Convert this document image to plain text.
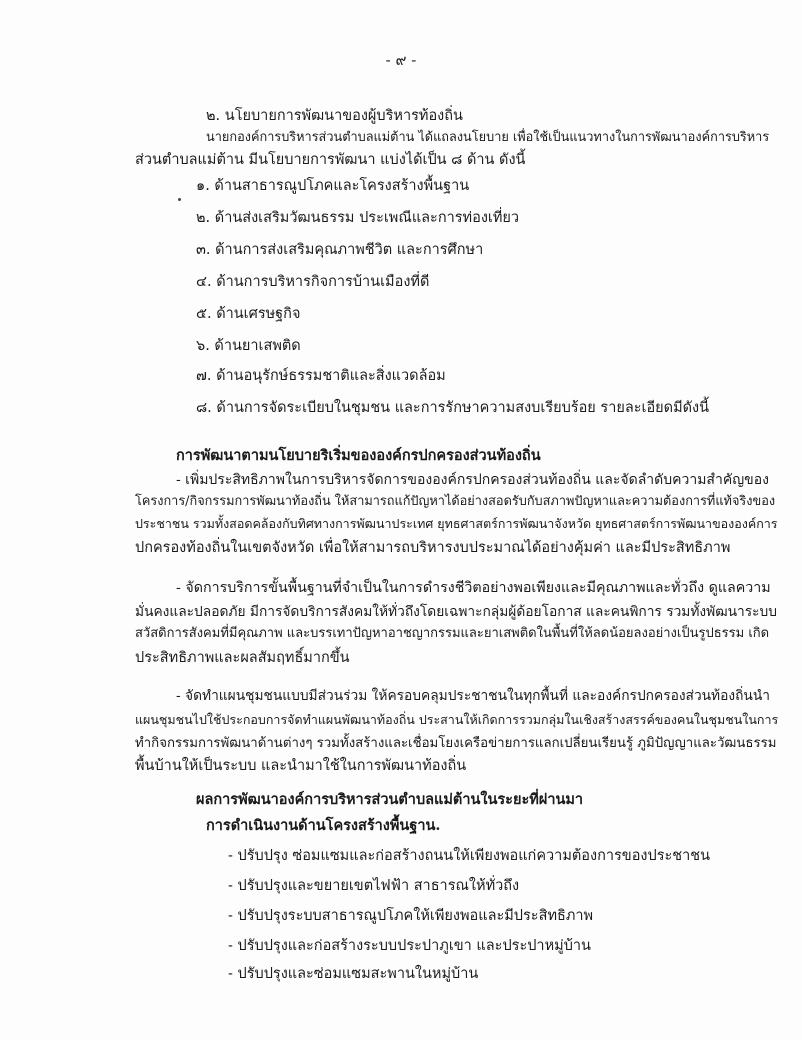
- ๙ -
๒. นโยบายการพัฒนาของผู้บริหารท้องถิ่น
นายกองค์การบริหารส่วนตำบลแม่ต้าน ได้แถลงนโยบาย เพื่อใช้เป็นแนวทางในการพัฒนาองค์การบริหาร
ส่วนตำบลแม่ต้าน มีนโยบายการพัฒนา แบ่งได้เป็น ๘ ด้าน ดังนี้
๑. ด้านสาธารณูปโภคและโครงสร้างพื้นฐาน
๒. ด้านส่งเสริมวัฒนธรรม ประเพณีและการท่องเที่ยว
๓. ด้านการส่งเสริมคุณภาพชีวิต และการศึกษา
๔. ด้านการบริหารกิจการบ้านเมืองที่ดี
๕. ด้านเศรษฐกิจ
๖. ด้านยาเสพติด
๗. ด้านอนุรักษ์ธรรมชาติและสิ่งแวดล้อม
๘. ด้านการจัดระเบียบในชุมชน และการรักษาความสงบเรียบร้อย รายละเอียดมีดังนี้
การพัฒนาตามนโยบายริเริ่มขององค์กรปกครองส่วนท้องถิ่น
- เพิ่มประสิทธิภาพในการบริหารจัดการขององค์กรปกครองส่วนท้องถิ่น และจัดลำดับความสำคัญของ
โครงการ/กิจกรรมการพัฒนาท้องถิ่น ให้สามารถแก้ปัญหาได้อย่างสอดรับกับสภาพปัญหาและความต้องการที่แท้จริงของ
ประชาชน รวมทั้งสอดคล้องกับทิศทางการพัฒนาประเทศ ยุทธศาสตร์การพัฒนาจังหวัด ยุทธศาสตร์การพัฒนาขององค์การ
ปกครองท้องถิ่นในเขตจังหวัด เพื่อให้สามารถบริหารงบประมาณได้อย่างคุ้มค่า และมีประสิทธิภาพ
- จัดการบริการขั้นพื้นฐานที่จำเป็นในการดำรงชีวิตอย่างพอเพียงและมีคุณภาพและทั่วถึง ดูแลความ
มั่นคงและปลอดภัย มีการจัดบริการสังคมให้ทั่วถึงโดยเฉพาะกลุ่มผู้ด้อยโอกาส และคนพิการ รวมทั้งพัฒนาระบบ
สวัสดิการสังคมที่มีคุณภาพ และบรรเทาปัญหาอาชญากรรมและยาเสพติดในพื้นที่ให้ลดน้อยลงอย่างเป็นรูปธรรม เกิด
ประสิทธิภาพและผลสัมฤทธิ์มากขึ้น
- จัดทำแผนชุมชนแบบมีส่วนร่วม ให้ครอบคลุมประชาชนในทุกพื้นที่ และองค์กรปกครองส่วนท้องถิ่นนำ
แผนชุมชนไปใช้ประกอบการจัดทำแผนพัฒนาท้องถิ่น ประสานให้เกิดการรวมกลุ่มในเชิงสร้างสรรค์ของคนในชุมชนในการ
ทำกิจกรรมการพัฒนาด้านต่างๆ รวมทั้งสร้างและเชื่อมโยงเครือข่ายการแลกเปลี่ยนเรียนรู้ ภูมิปัญญาและวัฒนธรรม
พื้นบ้านให้เป็นระบบ และนำมาใช้ในการพัฒนาท้องถิ่น
ผลการพัฒนาองค์การบริหารส่วนตำบลแม่ต้านในระยะที่ผ่านมา
การดำเนินงานด้านโครงสร้างพื้นฐาน.
- ปรับปรุง ซ่อมแซมและก่อสร้างถนนให้เพียงพอแก่ความต้องการของประชาชน
- ปรับปรุงและขยายเขตไฟฟ้า สาธารณให้ทั่วถึง
- ปรับปรุงระบบสาธารณูปโภคให้เพียงพอและมีประสิทธิภาพ
- ปรับปรุงและก่อสร้างระบบประปาภูเขา และประปาหมู่บ้าน
- ปรับปรุงและซ่อมแซมสะพานในหมู่บ้าน
